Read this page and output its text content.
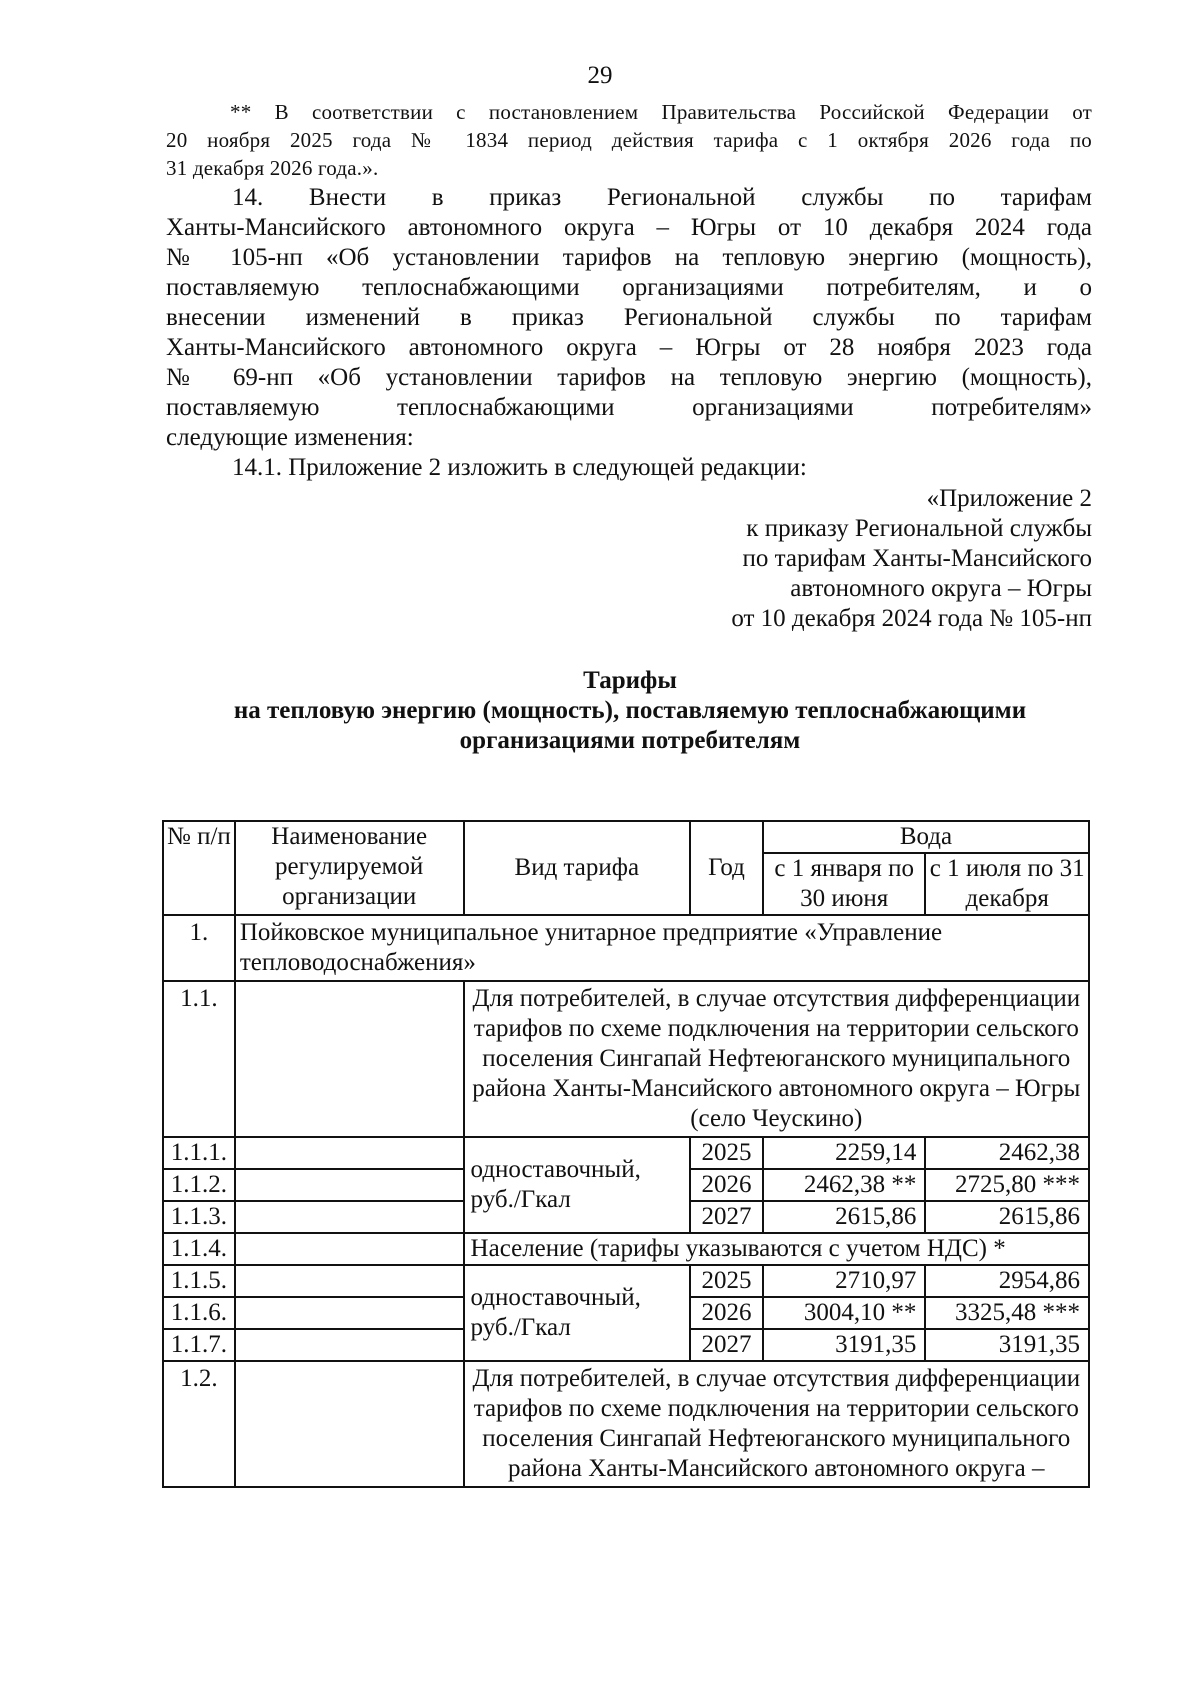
29
** В соответствии с постановлением Правительства Российской Федерации от
20 ноября 2025 года № 1834 период действия тарифа с 1 октября 2026 года по
31 декабря 2026 года.».
14. Внести в приказ Региональной службы по тарифам
Ханты-Мансийского автономного округа – Югры от 10 декабря 2024 года
№ 105-нп «Об установлении тарифов на тепловую энергию (мощность),
поставляемую теплоснабжающими организациями потребителям, и о
внесении изменений в приказ Региональной службы по тарифам
Ханты-Мансийского автономного округа – Югры от 28 ноября 2023 года
№ 69-нп «Об установлении тарифов на тепловую энергию (мощность),
поставляемую теплоснабжающими организациями потребителям»
следующие изменения:
14.1. Приложение 2 изложить в следующей редакции:
«Приложение 2
к приказу Региональной службы
по тарифам Ханты-Мансийского
автономного округа – Югры
от 10 декабря 2024 года № 105-нп
Тарифы
на тепловую энергию (мощность), поставляемую теплоснабжающими
организациями потребителям
№ п/п	Наименование регулируемой организации	Вид тарифа	Год	Вода	
				с 1 января по 30 июня	с 1 июля по 31 декабря
1.	Пойковское муниципальное унитарное предприятие «Управление тепловодоснабжения»				
1.1.		Для потребителей, в случае отсутствия дифференциации тарифов по схеме подключения на территории сельского поселения Сингапай Нефтеюганского муниципального района Ханты-Мансийского автономного округа – Югры (село Чеускино)			
1.1.1.		одноставочный, руб./Гкал	2025	2259,14	2462,38
1.1.2.			2026	2462,38 **	2725,80 ***
1.1.3.			2027	2615,86	2615,86
1.1.4.		Население (тарифы указываются с учетом НДС) *			
1.1.5.		одноставочный, руб./Гкал	2025	2710,97	2954,86
1.1.6.			2026	3004,10 **	3325,48 ***
1.1.7.			2027	3191,35	3191,35
1.2.		Для потребителей, в случае отсутствия дифференциации тарифов по схеме подключения на территории сельского поселения Сингапай Нефтеюганского муниципального района Ханты-Мансийского автономного округа –			
